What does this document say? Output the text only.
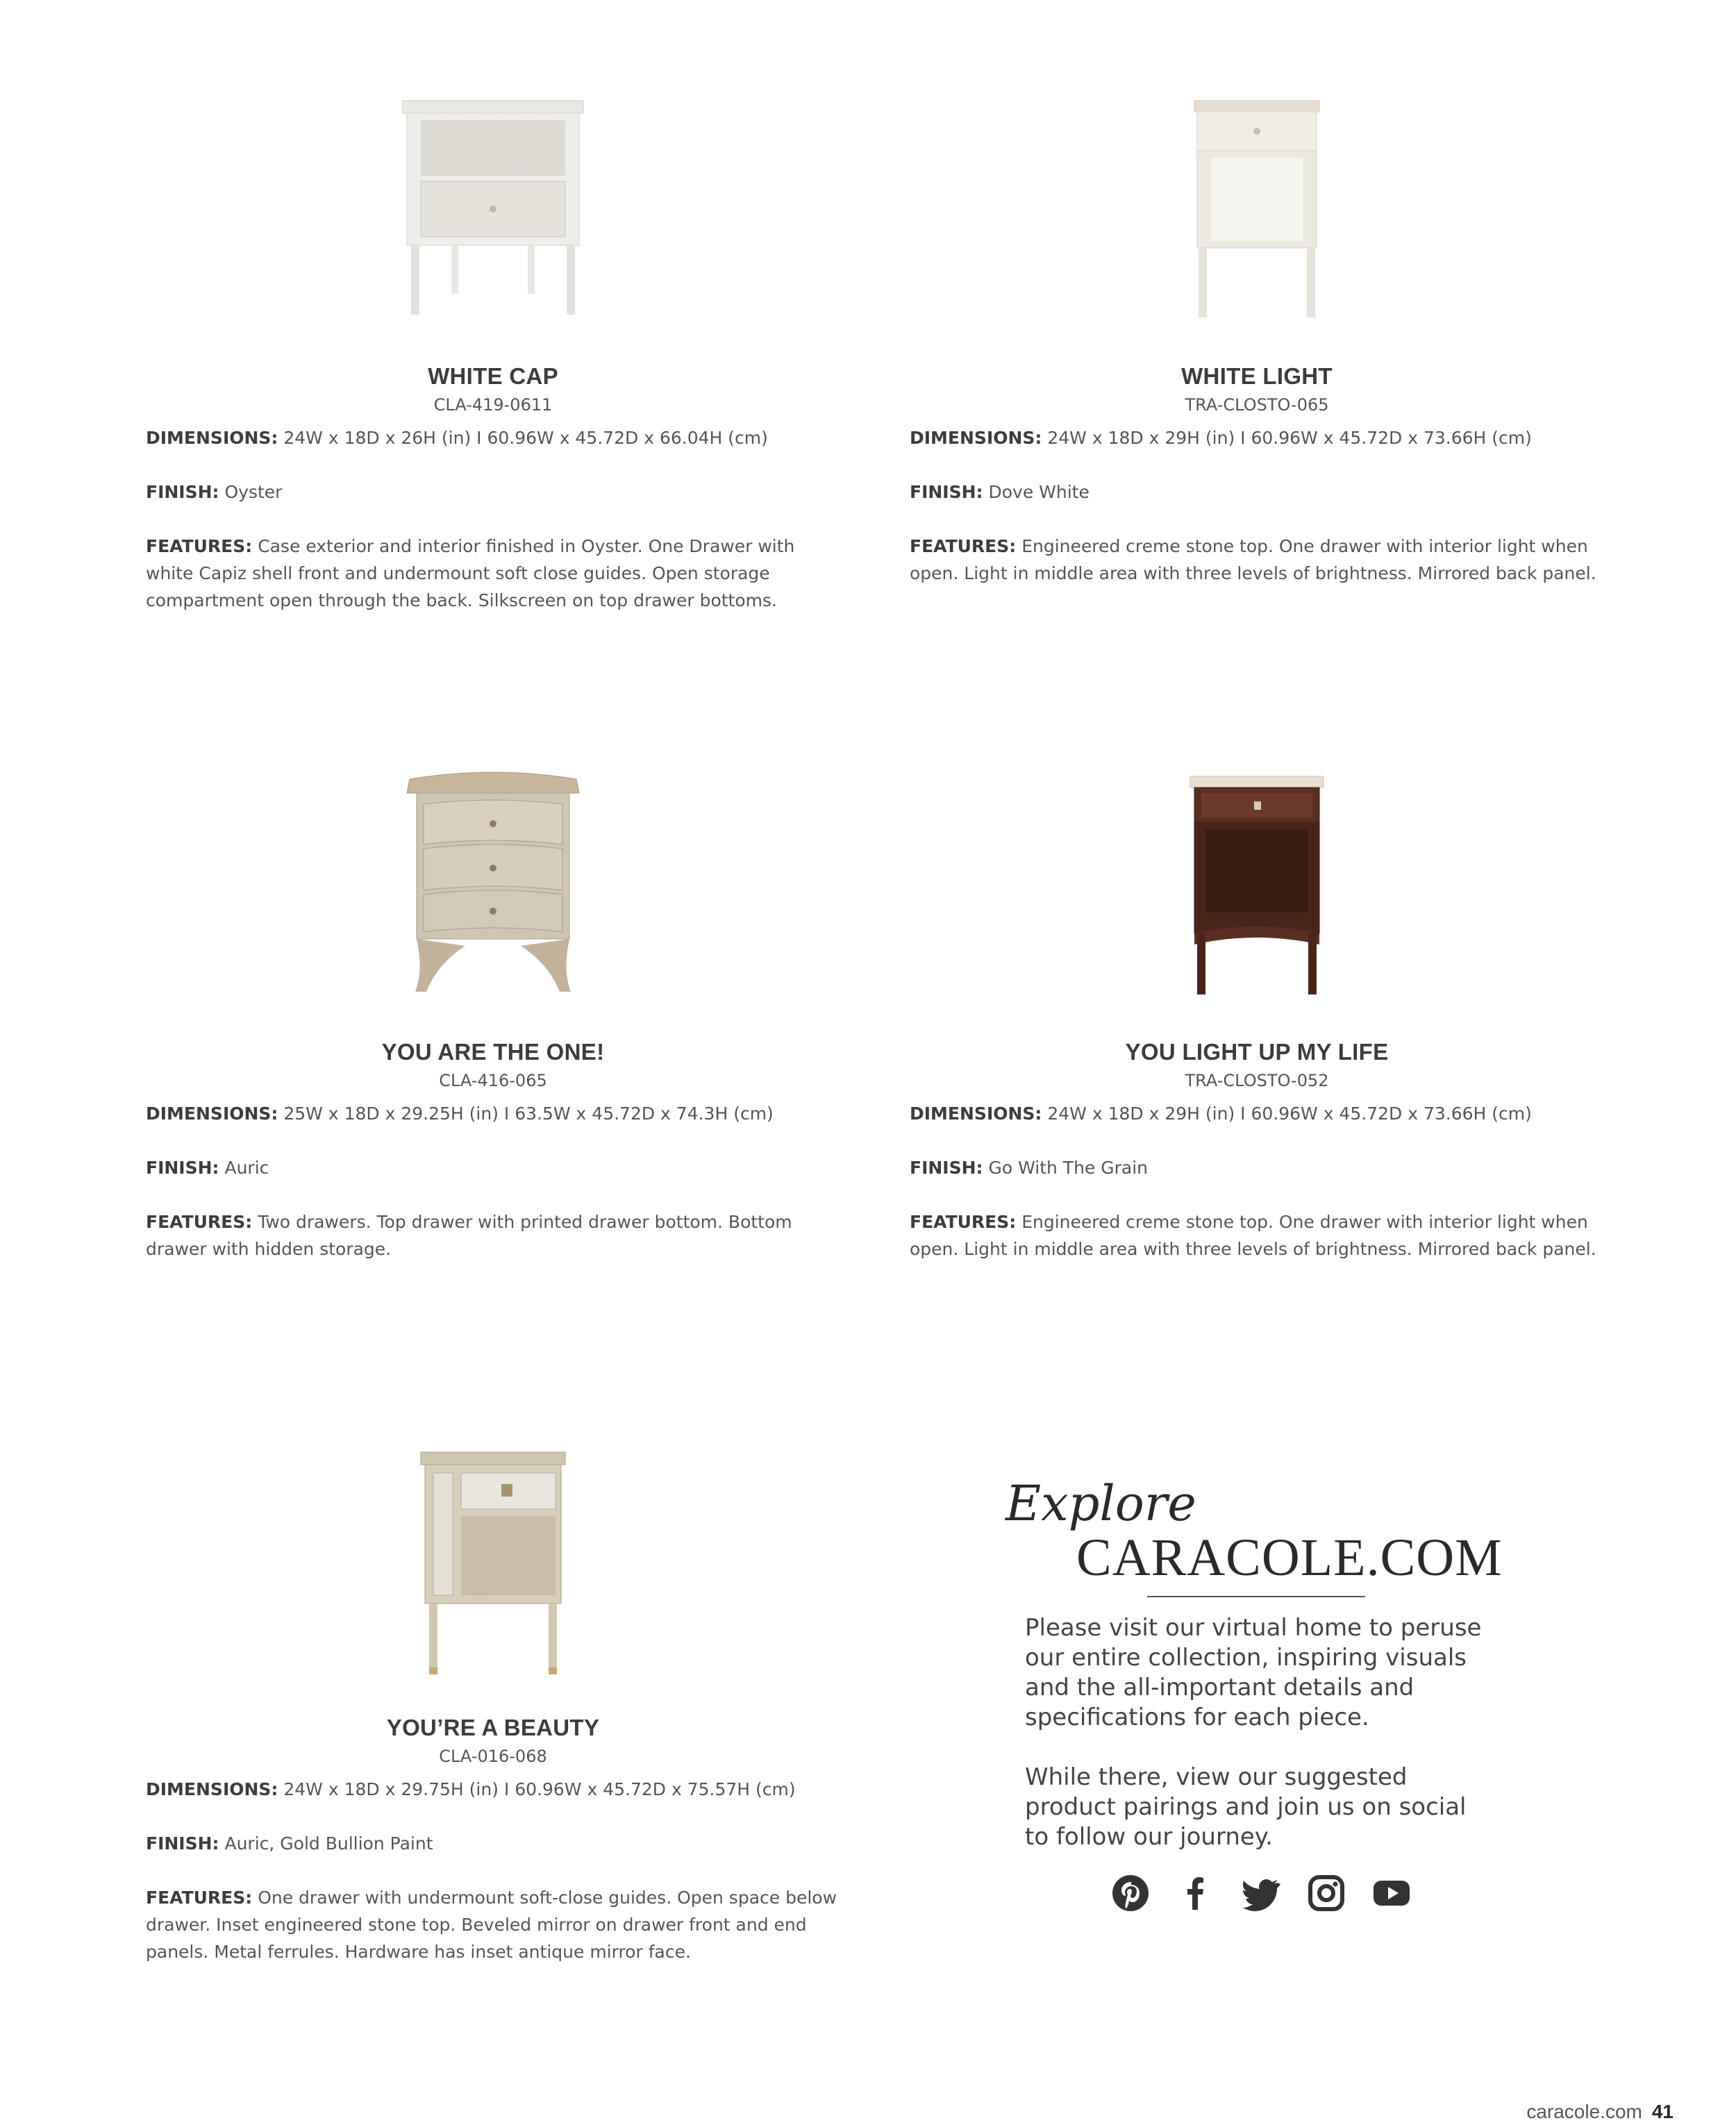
WHITE CAP
CLA-419-0611
DIMENSIONS: 24W x 18D x 26H (in) I 60.96W x 45.72D x 66.04H (cm)
FINISH: Oyster
FEATURES: Case exterior and interior finished in Oyster. One Drawer with white Capiz shell front and undermount soft close guides. Open storage compartment open through the back. Silkscreen on top drawer bottoms.
WHITE LIGHT
TRA-CLOSTO-065
DIMENSIONS: 24W x 18D x 29H (in) I 60.96W x 45.72D x 73.66H (cm)
FINISH: Dove White
FEATURES: Engineered creme stone top. One drawer with interior light when open. Light in middle area with three levels of brightness. Mirrored back panel.
YOU ARE THE ONE!
CLA-416-065
DIMENSIONS: 25W x 18D x 29.25H (in) I 63.5W x 45.72D x 74.3H (cm)
FINISH: Auric
FEATURES: Two drawers. Top drawer with printed drawer bottom. Bottom drawer with hidden storage.
YOU LIGHT UP MY LIFE
TRA-CLOSTO-052
DIMENSIONS: 24W x 18D x 29H (in) I 60.96W x 45.72D x 73.66H (cm)
FINISH: Go With The Grain
FEATURES: Engineered creme stone top. One drawer with interior light when open. Light in middle area with three levels of brightness. Mirrored back panel.
YOU’RE A BEAUTY
CLA-016-068
DIMENSIONS: 24W x 18D x 29.75H (in) I 60.96W x 45.72D x 75.57H (cm)
FINISH: Auric, Gold Bullion Paint
FEATURES: One drawer with undermount soft-close guides. Open space below drawer. Inset engineered stone top. Beveled mirror on drawer front and end panels. Metal ferrules. Hardware has inset antique mirror face.
Explore
CARACOLE.COM
Please visit our virtual home to peruse our entire collection, inspiring visuals and the all-important details and specifications for each piece.
While there, view our suggested product pairings and join us on social to follow our journey.
caracole.com 41
